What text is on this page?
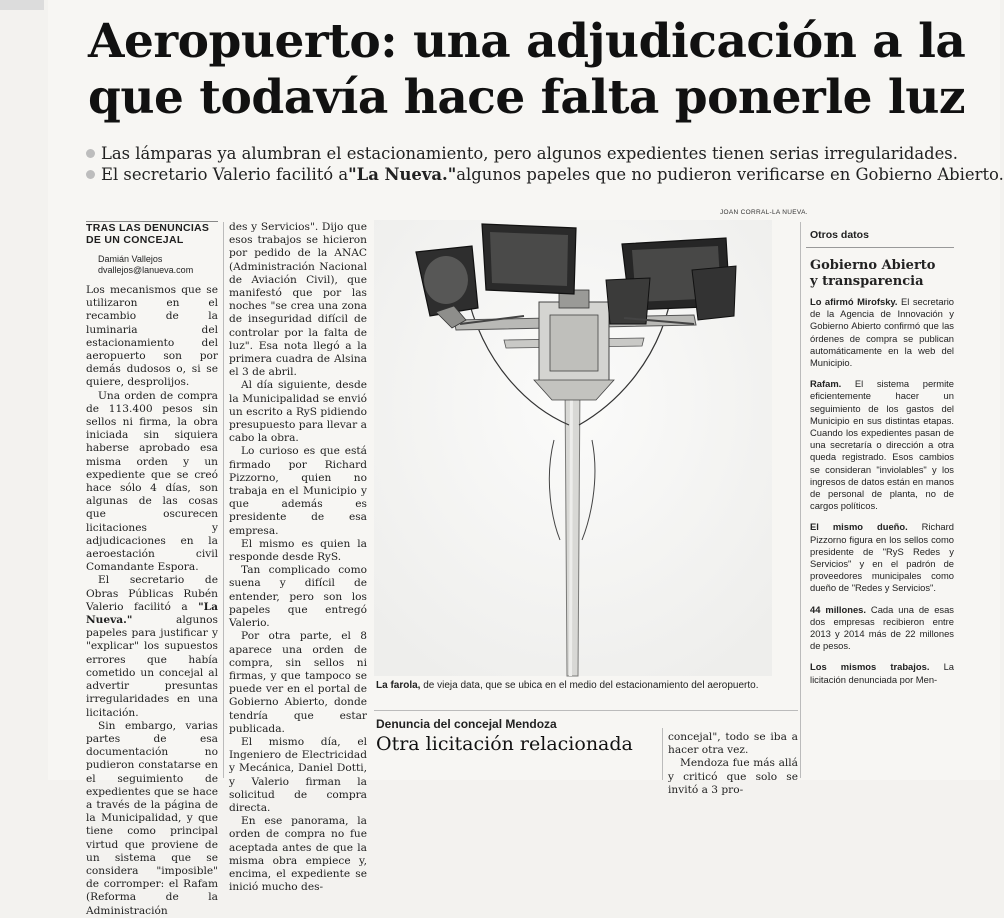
Aeropuerto: una adjudicación a la
que todavía hace falta ponerle luz
Las lámparas ya alumbran el estacionamiento, pero algunos expedientes tienen serias irregularidades.
El secretario Valerio facilitó a "La Nueva." algunos papeles que no pudieron verificarse en Gobierno Abierto.
TRAS LAS DENUNCIAS
DE UN CONCEJAL
Damián Vallejos
dvallejos@lanueva.com

Los mecanismos que se utilizaron en el recambio de la luminaria del estacionamiento del aeropuerto son por demás dudosos o, si se quiere, desprolijos.

Una orden de compra de 113.400 pesos sin sellos ni firma, la obra iniciada sin siquiera haberse aprobado esa misma orden y un expediente que se creó hace sólo 4 días, son algunas de las cosas que oscurecen licitaciones y adjudicaciones en la aeroestación civil Comandante Espora.

El secretario de Obras Públicas Rubén Valerio facilitó a "La Nueva." algunos papeles para justificar y "explicar" los supuestos errores que había cometido un concejal al advertir presuntas irregularidades en una licitación.

Sin embargo, varias partes de esa documentación no pudieron constatarse en el seguimiento de expedientes que se hace a través de la página de la Municipalidad, y que tiene como principal virtud que proviene de un sistema que se considera "imposible" de corromper: el Rafam (Reforma de la Administración

des y Servicios". Dijo que esos trabajos se hicieron por pedido de la ANAC (Administración Nacional de Aviación Civil), que manifestó que por las noches "se crea una zona de inseguridad difícil de controlar por la falta de luz". Esa nota llegó a la primera cuadra de Alsina el 3 de abril.

Al día siguiente, desde la Municipalidad se envió un escrito a RyS pidiendo presupuesto para llevar a cabo la obra.

Lo curioso es que está firmado por Richard Pizzorno, quien no trabaja en el Municipio y que además es presidente de esa empresa.

El mismo es quien la responde desde RyS.

Tan complicado como suena y difícil de entender, pero son los papeles que entregó Valerio.

Por otra parte, el 8 aparece una orden de compra, sin sellos ni firmas, y que tampoco se puede ver en el portal de Gobierno Abierto, donde tendría que estar publicada.

El mismo día, el Ingeniero de Electricidad y Mecánica, Daniel Dotti, y Valerio firman la solicitud de compra directa.

En ese panorama, la orden de compra no fue aceptada antes de que la misma obra empiece y, encima, el expediente se inició mucho des-

JOAN CORRAL-LA NUEVA.
La farola, de vieja data, que se ubica en el medio del estacionamiento del aeropuerto.
Denuncia del concejal Mendoza
Otra licitación relacionada	concejal", todo se iba a hacer otra vez.

Mendoza fue más allá y criticó que solo se invitó a 3 pro-

Otros datos
Gobierno Abierto
y transparencia

Lo afirmó Mirofsky. El secretario de la Agencia de Innovación y Gobierno Abierto confirmó que las órdenes de compra se publican automáticamente en la web del Municipio.

Rafam. El sistema permite eficientemente hacer un seguimiento de los gastos del Municipio en sus distintas etapas. Cuando los expedientes pasan de una secretaría o dirección a otra queda registrado. Esos cambios se consideran "inviolables" y los ingresos de datos están en manos de personal de planta, no de cargos políticos.

El mismo dueño. Richard Pizzorno figura en los sellos como presidente de "RyS Redes y Servicios" y en el padrón de proveedores municipales como dueño de "Redes y Servicios".

44 millones. Cada una de esas dos empresas recibieron entre 2013 y 2014 más de 22 millones de pesos.

Los mismos trabajos. La licitación denunciada por Men-
